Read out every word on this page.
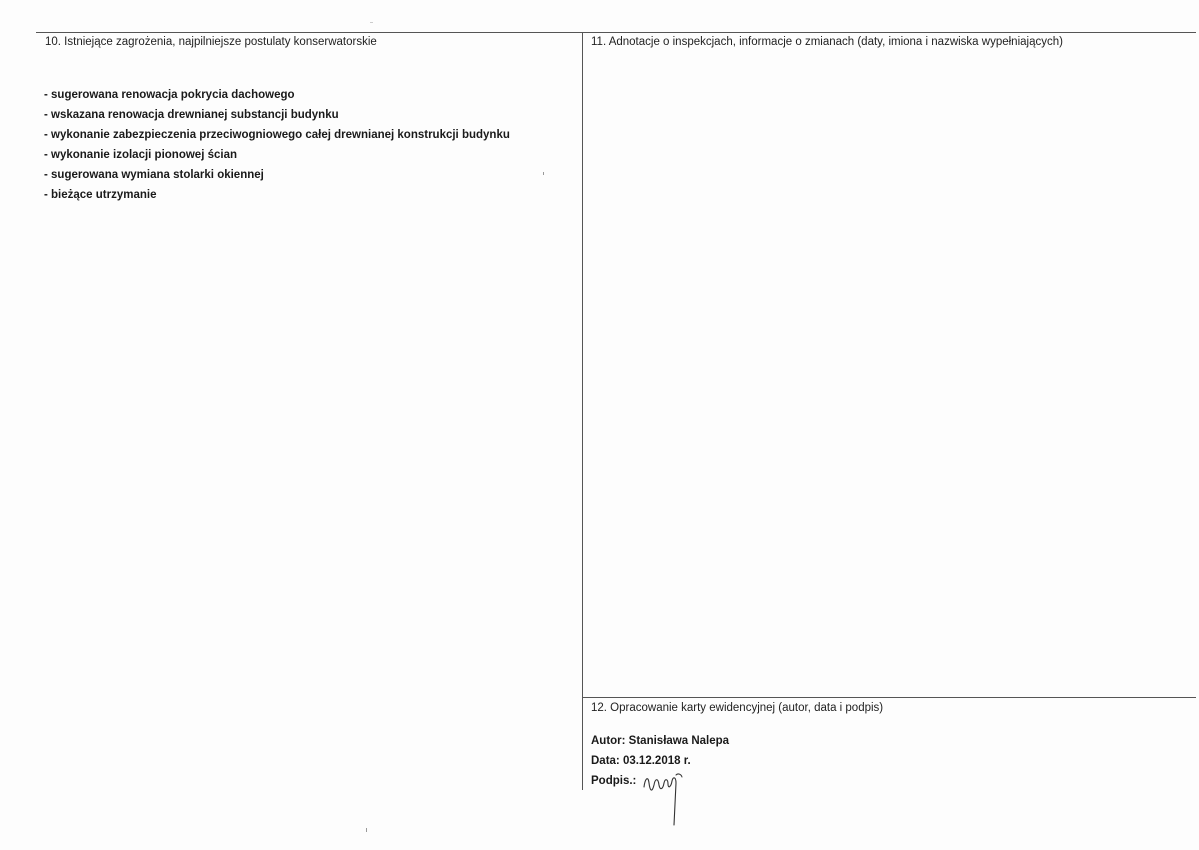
10. Istniejące zagrożenia, najpilniejsze postulaty konserwatorskie
- sugerowana renowacja pokrycia dachowego
- wskazana renowacja drewnianej substancji budynku
- wykonanie zabezpieczenia przeciwogniowego całej drewnianej konstrukcji budynku
- wykonanie izolacji pionowej ścian
- sugerowana wymiana stolarki okiennej
- bieżące utrzymanie
11. Adnotacje o inspekcjach, informacje o zmianach (daty, imiona i nazwiska wypełniających)
12. Opracowanie karty ewidencyjnej (autor, data i podpis)
Autor: Stanisława Nalepa
Data: 03.12.2018 r.
Podpis.:
